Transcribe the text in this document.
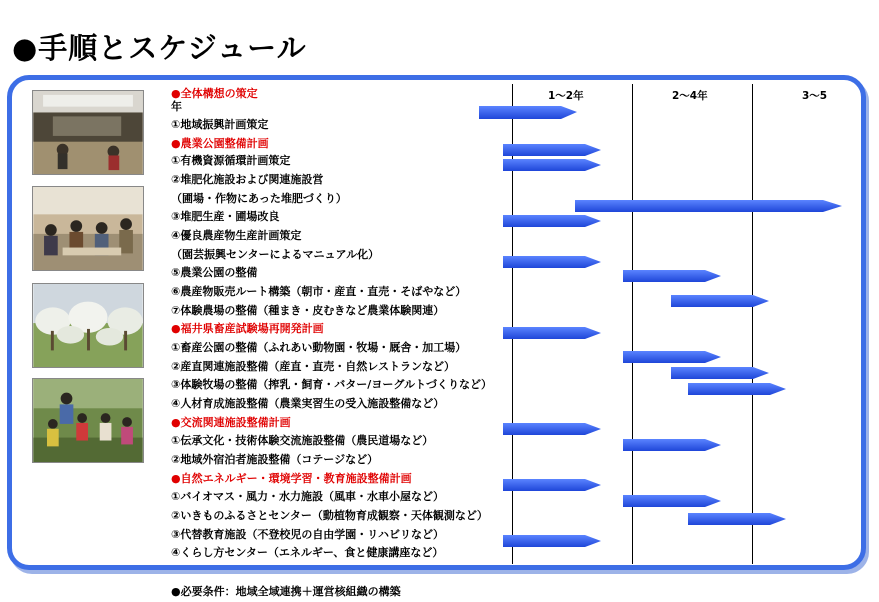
●手順とスケジュール
1〜2年	2〜4年	3〜5
●全体構想の策定
年
①地域振興計画策定
●農業公園整備計画
①有機資源循環計画策定
②堆肥化施設および関連施設営
（圃場・作物にあった堆肥づくり）
③堆肥生産・圃場改良
④優良農産物生産計画策定
（園芸振興センターによるマニュアル化）
⑤農業公園の整備
⑥農産物販売ルート構築（朝市・産直・直売・そばやなど）
⑦体験農場の整備（種まき・皮むきなど農業体験関連）
●福井県畜産試験場再開発計画
①畜産公園の整備（ふれあい動物園・牧場・厩舎・加工場）
②産直関連施設整備（産直・直売・自然レストランなど）
③体験牧場の整備（搾乳・飼育・バター/ヨーグルトづくりなど）
④人材育成施設整備（農業実習生の受入施設整備など）
●交流関連施設整備計画
①伝承文化・技術体験交流施設整備（農民道場など）
②地域外宿泊者施設整備（コテージなど）
●自然エネルギー・環境学習・教育施設整備計画
①バイオマス・風力・水力施設（風車・水車小屋など）
②いきものふるさとセンター（動植物育成観察・天体観測など）
③代替教育施設（不登校児の自由学園・リハビリなど）
④くらし方センター（エネルギー、食と健康講座など）
●必要条件：地域全域連携＋運営核組織の構築
